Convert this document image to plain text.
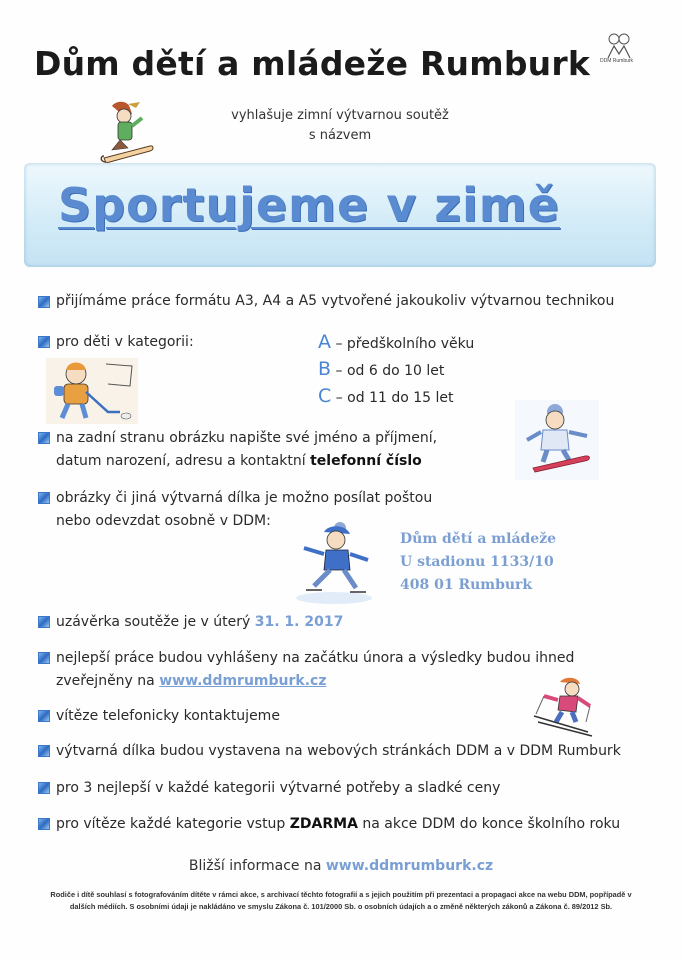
Dům dětí a mládeže Rumburk DDM Rumburk
vyhlašuje zimní výtvarnou soutěž
s názvem
Sportujeme v zimě
přijímáme práce formátu A3, A4 a A5 vytvořené jakoukoliv výtvarnou technikou
pro děti v kategorii:	A – předškolního věku
B – od 6 do 10 let
C – od 11 do 15 let
na zadní stranu obrázku napište své jméno a příjmení,
datum narození, adresu a kontaktní telefonní číslo
obrázky či jiná výtvarná dílka je možno posílat poštou
nebo odevzdat osobně v DDM:
Dům dětí a mládeže
U stadionu 1133/10
408 01 Rumburk
uzávěrka soutěže je v úterý 31. 1. 2017
nejlepší práce budou vyhlášeny na začátku února a výsledky budou ihned
zveřejněny na www.ddmrumburk.cz
vítěze telefonicky kontaktujeme
výtvarná dílka budou vystavena na webových stránkách DDM a v DDM Rumburk
pro 3 nejlepší v každé kategorii výtvarné potřeby a sladké ceny
pro vítěze každé kategorie vstup ZDARMA na akce DDM do konce školního roku
Bližší informace na www.ddmrumburk.cz
Rodiče i dítě souhlasí s fotografováním dítěte v rámci akce, s archivací těchto fotografií a s jejich použitím při prezentaci a propagaci akce na webu DDM, popřípadě v dalších médiích. S osobními údaji je nakládáno ve smyslu Zákona č. 101/2000 Sb. o osobních údajích a o změně některých zákonů a Zákona č. 89/2012 Sb.
